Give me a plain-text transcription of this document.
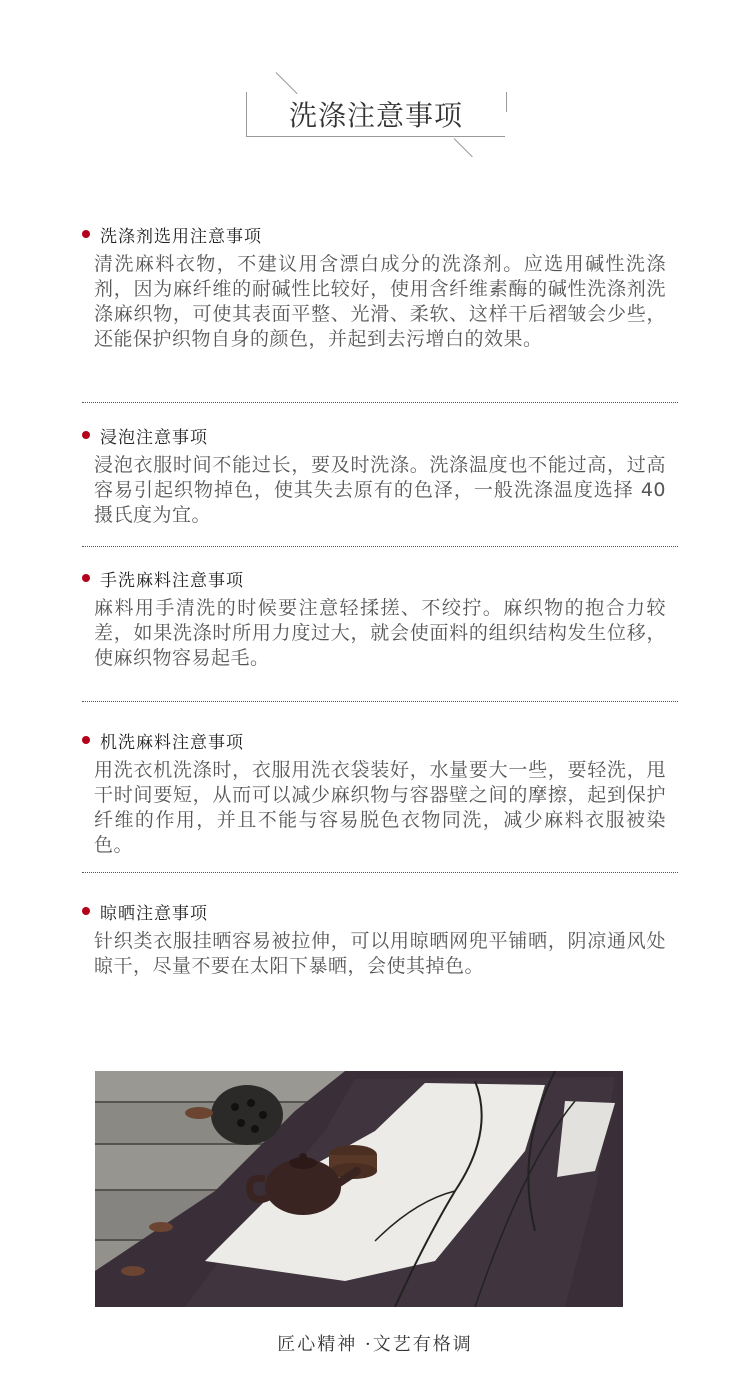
洗涤注意事项
洗涤剂选用注意事项
清洗麻料衣物，不建议用含漂白成分的洗涤剂。应选用碱性洗涤剂，因为麻纤维的耐碱性比较好，使用含纤维素酶的碱性洗涤剂洗涤麻织物，可使其表面平整、光滑、柔软、这样干后褶皱会少些，还能保护织物自身的颜色，并起到去污增白的效果。
浸泡注意事项
浸泡衣服时间不能过长，要及时洗涤。洗涤温度也不能过高，过高容易引起织物掉色，使其失去原有的色泽，一般洗涤温度选择 40 摄氏度为宜。
手洗麻料注意事项
麻料用手清洗的时候要注意轻揉搓、不绞拧。麻织物的抱合力较差，如果洗涤时所用力度过大，就会使面料的组织结构发生位移，使麻织物容易起毛。
机洗麻料注意事项
用洗衣机洗涤时，衣服用洗衣袋装好，水量要大一些，要轻洗，甩干时间要短，从而可以减少麻织物与容器壁之间的摩擦，起到保护纤维的作用，并且不能与容易脱色衣物同洗，减少麻料衣服被染色。
晾晒注意事项
针织类衣服挂晒容易被拉伸，可以用晾晒网兜平铺晒，阴凉通风处晾干，尽量不要在太阳下暴晒，会使其掉色。
匠心精神 ·文艺有格调
